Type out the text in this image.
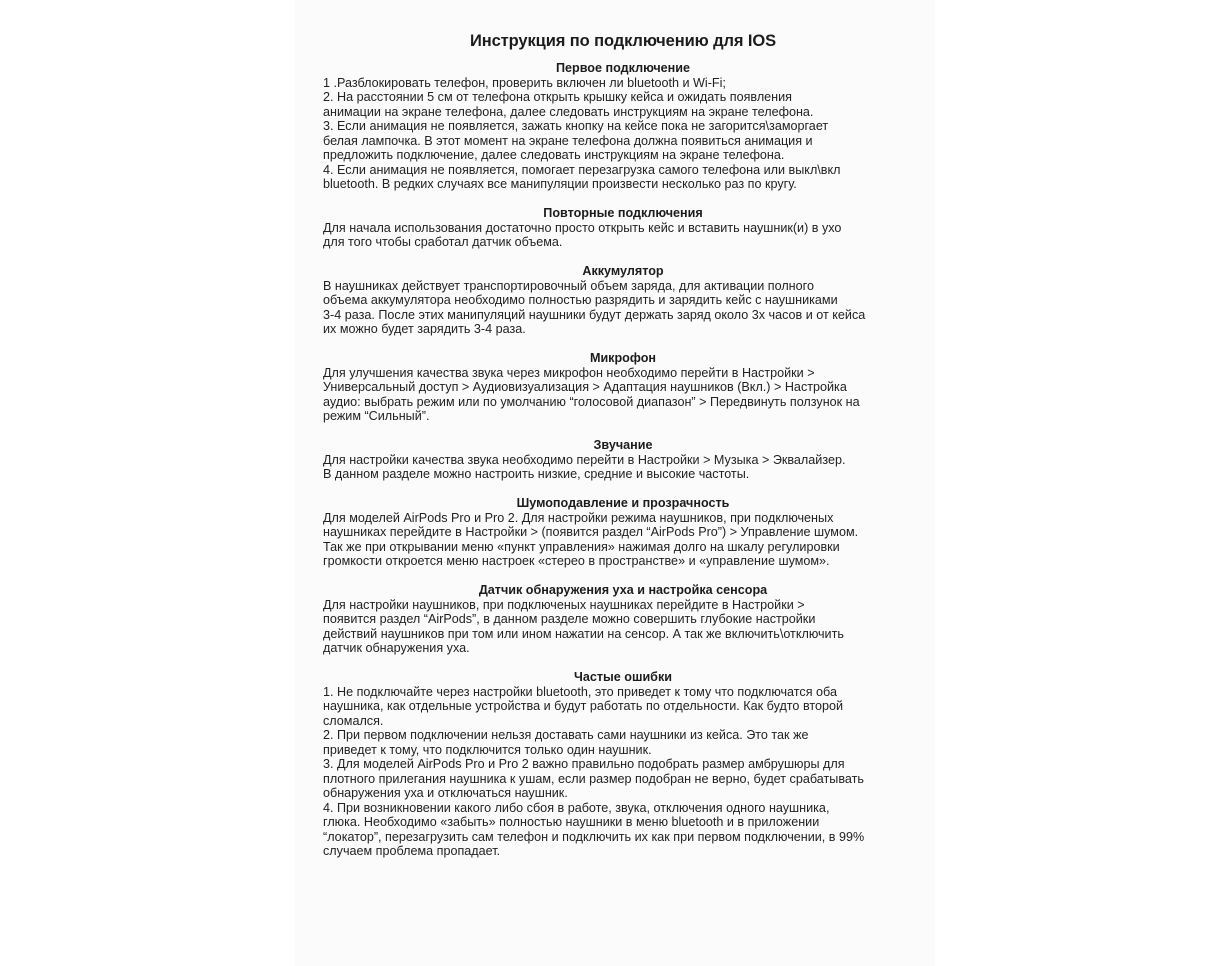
Инструкция по подключению для IOS
Первое подключение

1 .Разблокировать телефон, проверить включен ли bluetooth и Wi-Fi;
2. На расстоянии 5 см от телефона открыть крышку кейса и ожидать появления
анимации на экране телефона, далее следовать инструкциям на экране телефона.
3. Если анимация не появляется, зажать кнопку на кейсе пока не загорится\заморгает
белая лампочка. В этот момент на экране телефона должна появиться анимация и
предложить подключение, далее следовать инструкциям на экране телефона.
4. Если анимация не появляется, помогает перезагрузка самого телефона или выкл\вкл
bluetooth. В редких случаях все манипуляции произвести несколько раз по кругу.

Повторные подключения

Для начала использования достаточно просто открыть кейс и вставить наушник(и) в ухо
для того чтобы сработал датчик объема.

Аккумулятор

В наушниках действует транспортировочный объем заряда, для активации полного
объема аккумулятора необходимо полностью разрядить и зарядить кейс с наушниками
3-4 раза. После этих манипуляций наушники будут держать заряд около 3х часов и от кейса
их можно будет зарядить 3-4 раза.

Микрофон

Для улучшения качества звука через микрофон необходимо перейти в Настройки >
Универсальный доступ > Аудиовизуализация > Адаптация наушников (Вкл.) > Настройка
аудио: выбрать режим или по умолчанию “голосовой диапазон” > Передвинуть ползунок на
режим “Сильный”.

Звучание

Для настройки качества звука необходимо перейти в Настройки > Музыка > Эквалайзер.
В данном разделе можно настроить низкие, средние и высокие частоты.

Шумоподавление и прозрачность

Для моделей AirPods Pro и Pro 2. Для настройки режима наушников, при подключеных
наушниках перейдите в Настройки > (появится раздел “AirPods Pro”) > Управление шумом.
Так же при открывании меню «пункт управления» нажимая долго на шкалу регулировки
громкости откроется меню настроек «стерео в пространстве» и «управление шумом».

Датчик обнаружения уха и настройка сенсора

Для настройки наушников, при подключеных наушниках перейдите в Настройки >
появится раздел “AirPods”, в данном разделе можно совершить глубокие настройки
действий наушников при том или ином нажатии на сенсор. А так же включить\отключить
датчик обнаружения уха.

Частые ошибки

1. Не подключайте через настройки bluetooth, это приведет к тому что подключатся оба
наушника, как отдельные устройства и будут работать по отдельности. Как будто второй
сломался.
2. При первом подключении нельзя доставать сами наушники из кейса. Это так же
приведет к тому, что подключится только один наушник.
3. Для моделей AirPods Pro и Pro 2 важно правильно подобрать размер амбрушюры для
плотного прилегания наушника к ушам, если размер подобран не верно, будет срабатывать
обнаружения уха и отключаться наушник.
4. При возникновении какого либо сбоя в работе, звука, отключения одного наушника,
глюка. Необходимо «забыть» полностью наушники в меню bluetooth и в приложении
“локатор”, перезагрузить сам телефон и подключить их как при первом подключении, в 99%
случаем проблема пропадает.
